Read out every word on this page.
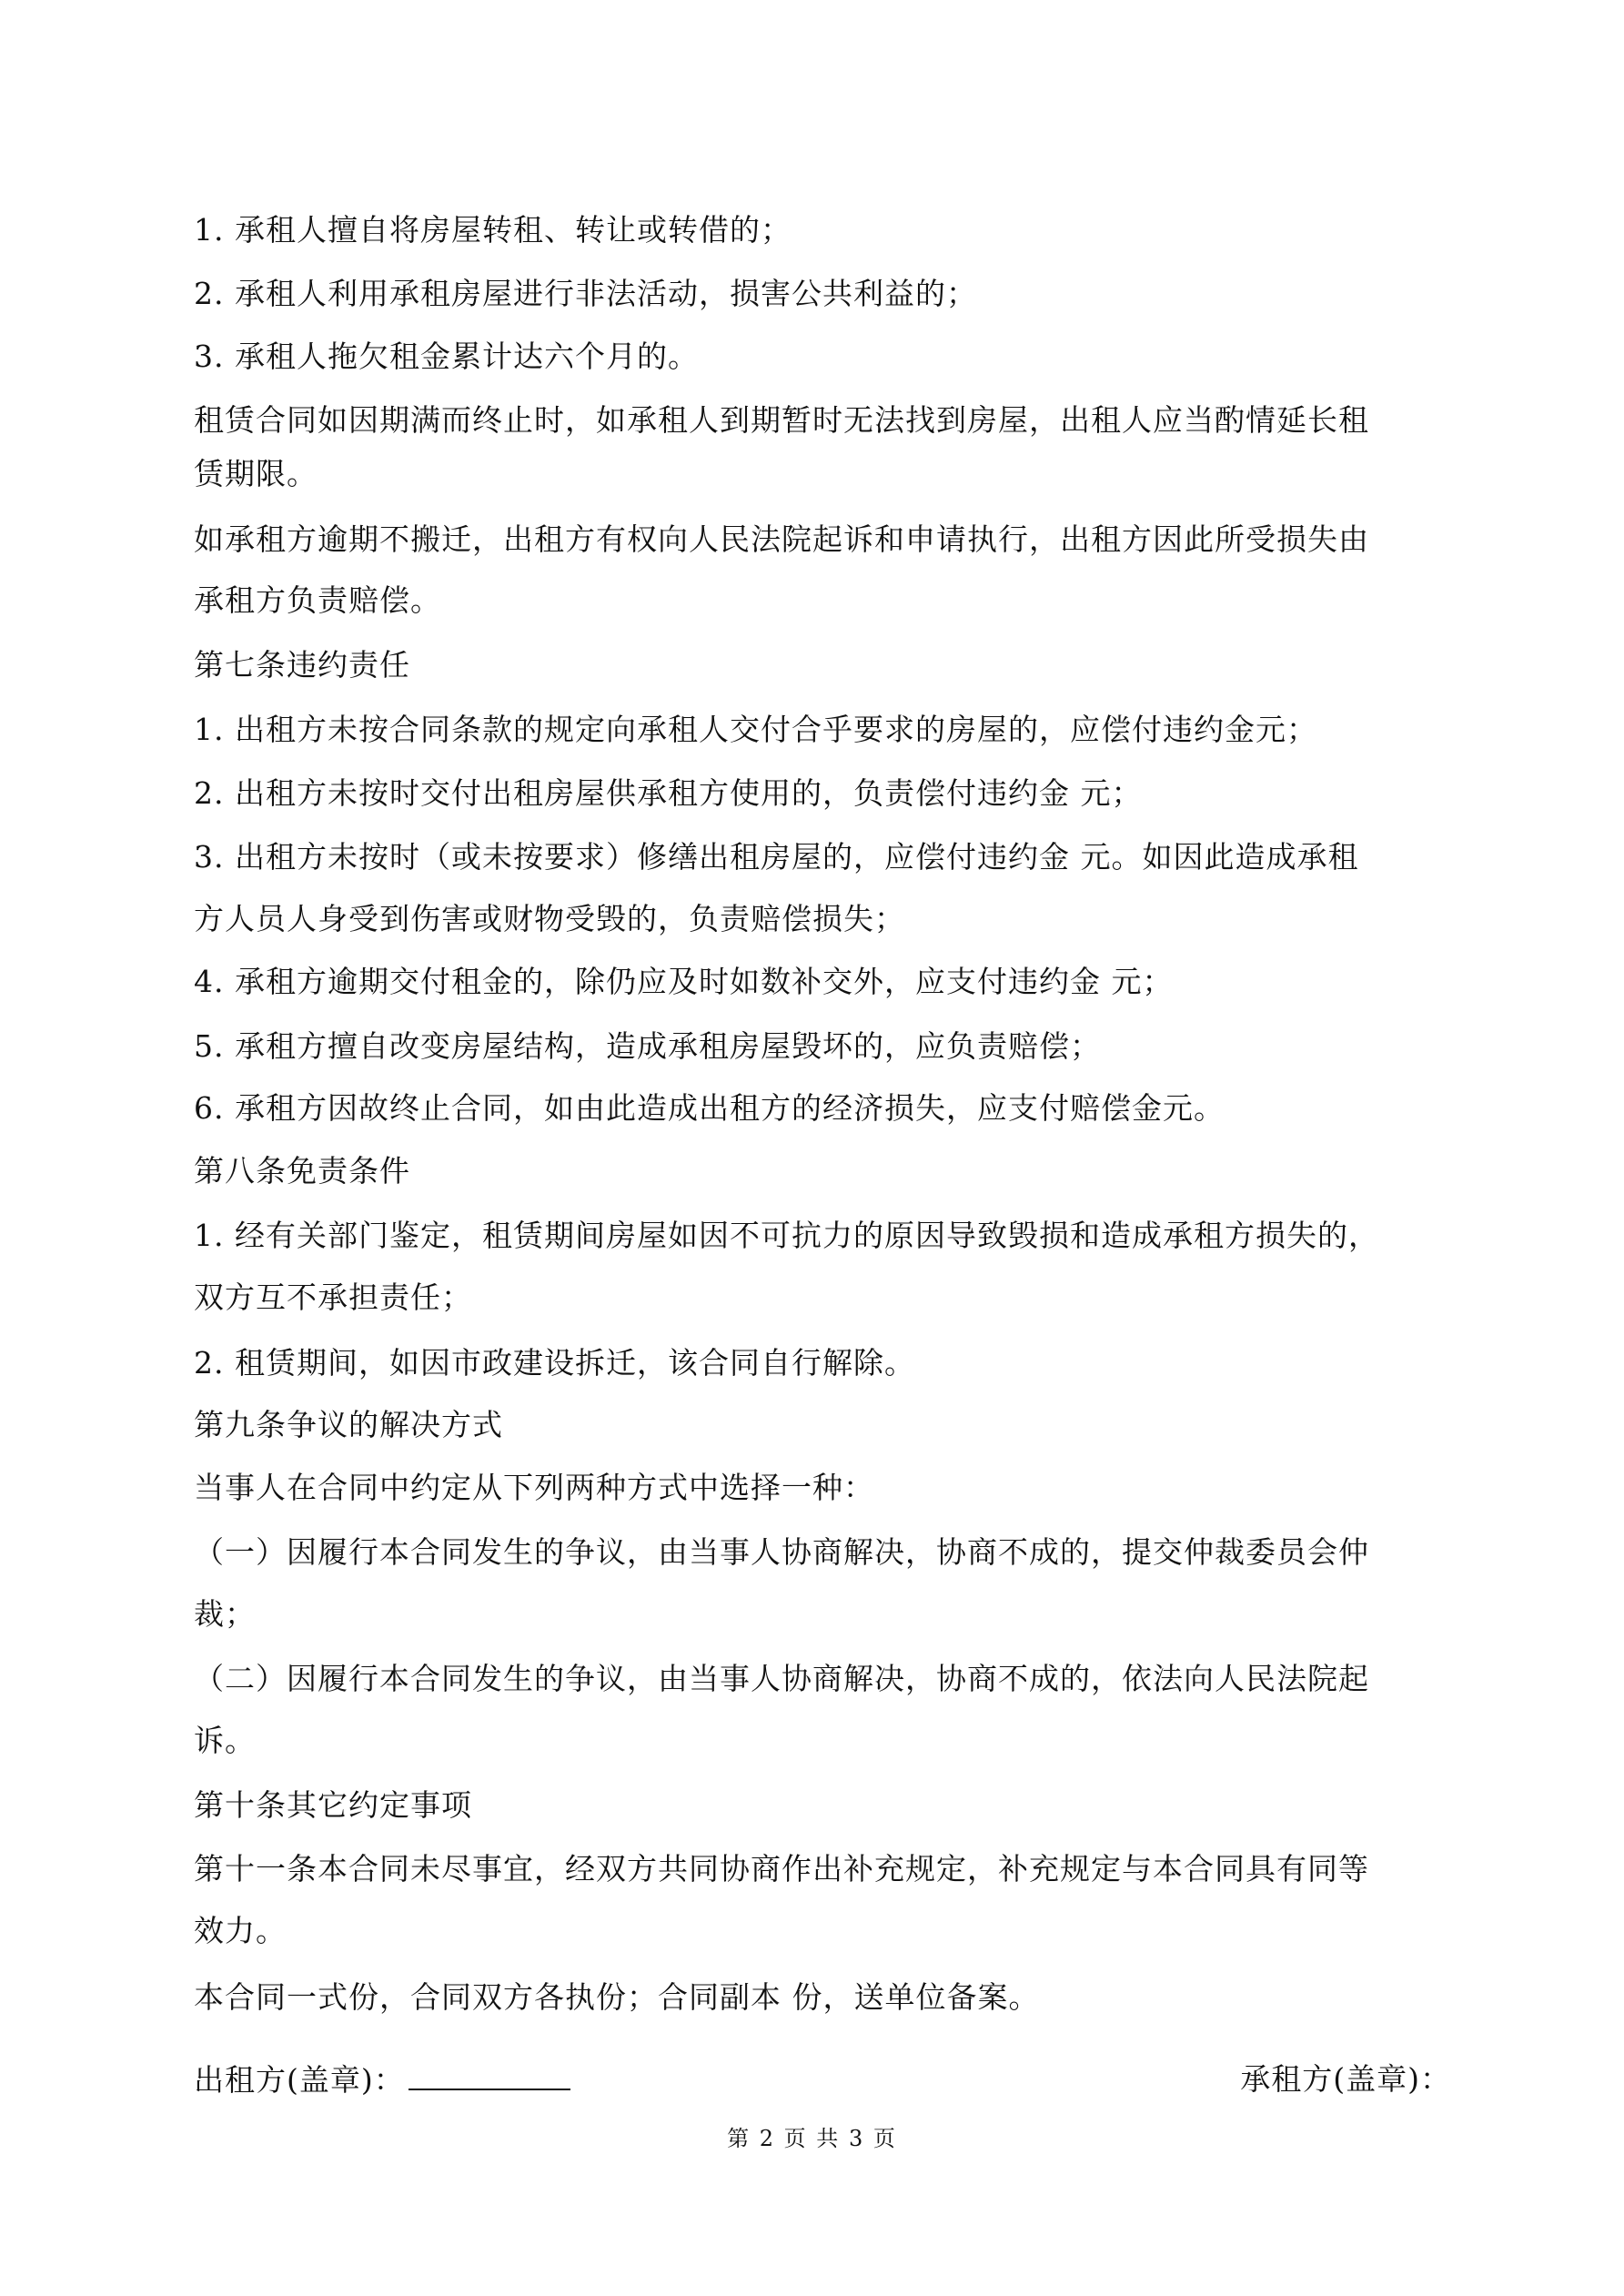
1. 承租人擅自将房屋转租、转让或转借的；
2. 承租人利用承租房屋进行非法活动，损害公共利益的；
3. 承租人拖欠租金累计达六个月的。
租赁合同如因期满而终止时，如承租人到期暂时无法找到房屋，出租人应当酌情延长租
赁期限。
如承租方逾期不搬迁，出租方有权向人民法院起诉和申请执行，出租方因此所受损失由
承租方负责赔偿。
第七条违约责任
1. 出租方未按合同条款的规定向承租人交付合乎要求的房屋的，应偿付违约金元；
2. 出租方未按时交付出租房屋供承租方使用的，负责偿付违约金 元；
3. 出租方未按时（或未按要求）修缮出租房屋的，应偿付违约金 元。如因此造成承租
方人员人身受到伤害或财物受毁的，负责赔偿损失；
4. 承租方逾期交付租金的，除仍应及时如数补交外，应支付违约金 元；
5. 承租方擅自改变房屋结构，造成承租房屋毁坏的，应负责赔偿；
6. 承租方因故终止合同，如由此造成出租方的经济损失，应支付赔偿金元。
第八条免责条件
1. 经有关部门鉴定，租赁期间房屋如因不可抗力的原因导致毁损和造成承租方损失的，
双方互不承担责任；
2. 租赁期间，如因市政建设拆迁，该合同自行解除。
第九条争议的解决方式
当事人在合同中约定从下列两种方式中选择一种：
（一）因履行本合同发生的争议，由当事人协商解决，协商不成的，提交仲裁委员会仲
裁；
（二）因履行本合同发生的争议，由当事人协商解决，协商不成的，依法向人民法院起
诉。
第十条其它约定事项
第十一条本合同未尽事宜，经双方共同协商作出补充规定，补充规定与本合同具有同等
效力。
本合同一式份，合同双方各执份；合同副本 份，送单位备案。
出租方(盖章)：	承租方(盖章)：
第 2 页 共 3 页
